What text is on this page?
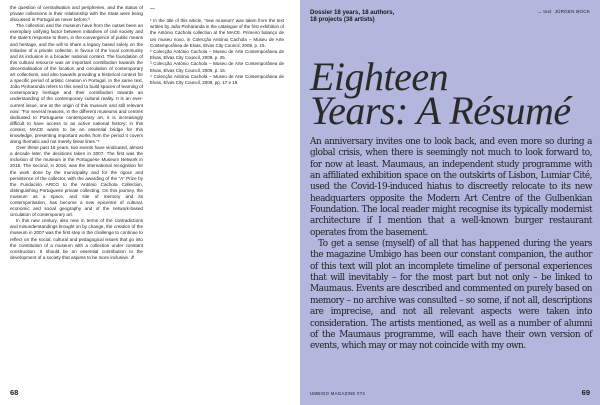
the question of centralisation and peripheries, and the status of private collections in their relationship with the State were being discussed in Portugal as never before;³

The collection and the museum have from the outset been an exemplary unifying factor between initiatives of civil society and the state’s response to them, in the convergence of public means and heritage, and the will to share a legacy based solely on the initiative of a private collector, in favour of the local community and its inclusion in a broader national context. The foundation of this cultural resource was an important contribution towards the decentralisation of the location and circulation of contemporary art collections, and also towards providing a historical context for a specific period of artistic creation in Portugal. In the same text, João Pinharanda refers to this need to build spaces of learning of contemporary heritage and their contribution towards an understanding of the contemporary cultural reality. It is an ever-current issue, one at the origin of this museum and still relevant now: “For several reasons, in the different museums and centres dedicated to Portuguese contemporary art, it is increasingly difficult to have access to an active national history; in this context, MACE wants to be an essential bridge for this knowledge, presenting important works from the period it covers along thematic and not merely linear lines.”⁴

Over these past 18 years, two events have vindicated, almost a decade later, the decisions taken in 2007. The first was the inclusion of the museum in the Portuguese Museum Network in 2015. The second, in 2016, was the international recognition for the work done by the municipality and for the rigour and persistence of the collector, with the awarding of the “A” Prize by the Fundación ARCO to the António Cachola Collection, distinguishing Portuguese private collecting. On this journey, the museum as a space, and site of memory and its contemporisation, has become a new epicentre of cultural, economic and social geography and of the network-based circulation of contemporary art.

In this new century, also new in terms of the contradictions and misunderstandings brought on by change, the creation of the museum in 2007 was the first step in the challenge to continue to reflect on the social, cultural and pedagogical issues that go into the constitution of a museum with a collection under constant construction. It should be an essential contribution to the development of a society that aspires to be more inclusive. //

—

¹ In the title of this article, “new museum” was taken from the text written by João Pinharanda in the catalogue of the first exhibition of the António Cachola collection at the MACE. Primeiro balanço de um museu novo, in Colecção António Cachola – Museu de Arte Contemporânea de Elvas, Elvas City Council, 2009, p. 15.

² Colecção António Cachola – Museu de Arte Contemporânea de Elvas, Elvas City Council, 2009, p. 25.

³ Colecção António Cachola – Museu de Arte Contemporânea de Elvas, Elvas City Council, 2009, p. 15.

⁴ Colecção António Cachola – Museu de Arte Contemporânea de Elvas, Elvas City Council, 2009, pp. 17 e 19.

68
Dossier 18 years, 18 authors,
18 projects (38 artists)
→ text JÜRGEN BOCK
Eighteen
Years: A Résumé

An anniversary invites one to look back, and even more so during a global crisis, when there is seemingly not much to look forward to, for now at least. Maumaus, an independent study programme with an affiliated exhibition space on the outskirts of Lisbon, Lumiar Cité, used the Covid-19-induced hiatus to discreetly relocate to its new headquarters opposite the Modern Art Centre of the Gulbenkian Foundation. The local reader might recognise its typically modernist architecture if I mention that a well-known burger restaurant operates from the basement.

To get a sense (myself) of all that has happened during the years the magazine Umbigo has been our constant companion, the author of this text will plot an incomplete timeline of personal experiences that will inevitably – for the most part but not only – be linked to Maumaus. Events are described and commented on purely based on memory – no archive was consulted – so some, if not all, descriptions are imprecise, and not all relevant aspects were taken into consideration. The artists mentioned, as well as a number of alumni of the Maumaus programme, will each have their own version of events, which may or may not coincide with my own.

UMBIGO MAGAZINE #74	69
